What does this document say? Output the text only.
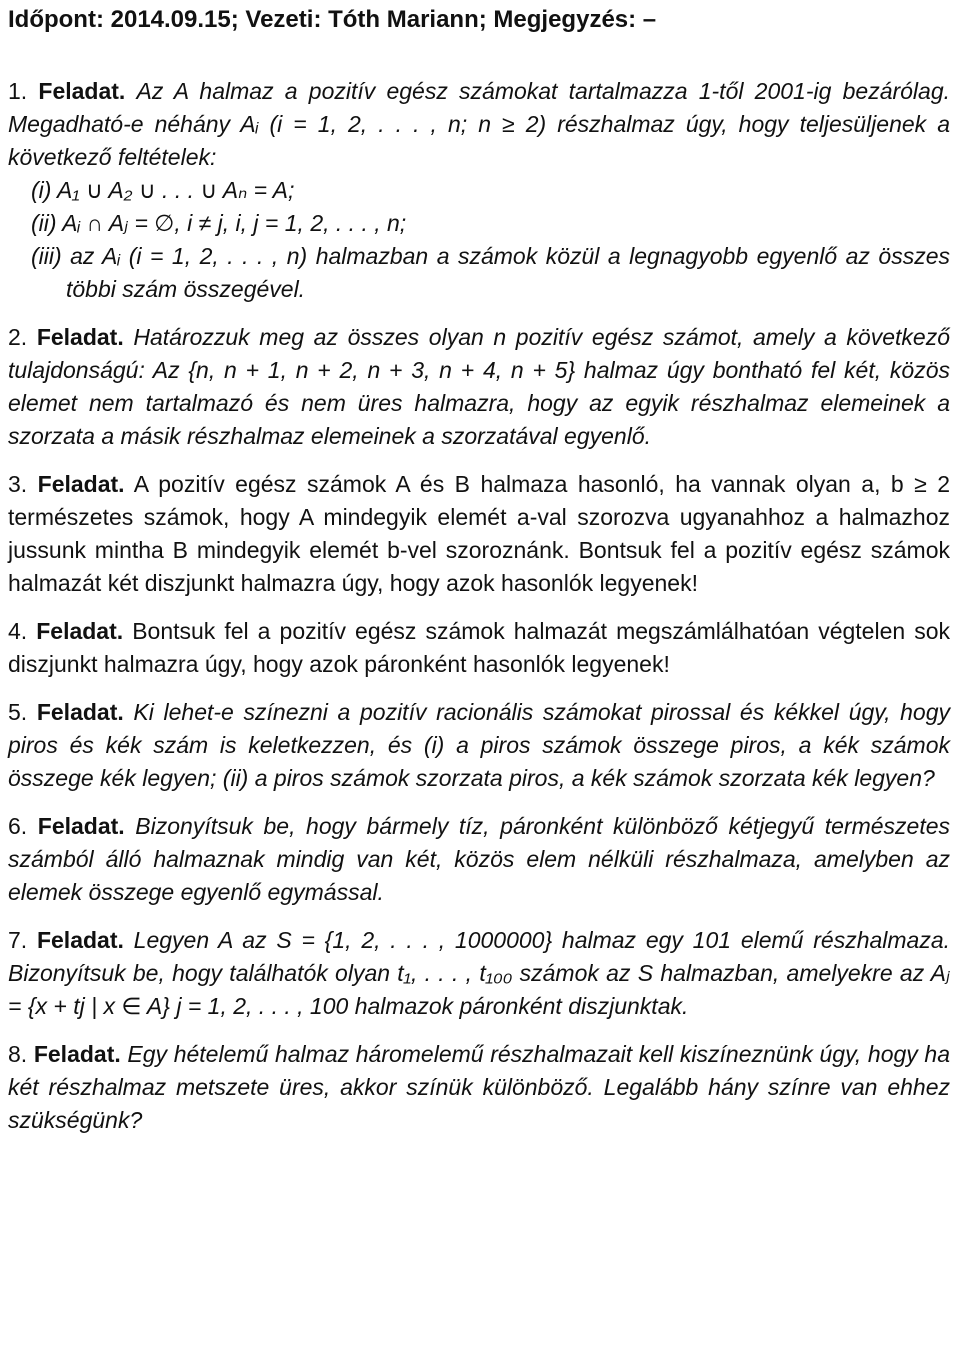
Időpont: 2014.09.15; Vezeti: Tóth Mariann; Megjegyzés: –
1. Feladat. Az A halmaz a pozitív egész számokat tartalmazza 1-től 2001-ig bezárólag. Megadható-e néhány Aᵢ (i = 1, 2, . . . , n; n ≥ 2) részhalmaz úgy, hogy teljesüljenek a következő feltételek:
(i) A₁ ∪ A₂ ∪ . . . ∪ Aₙ = A;
(ii) Aᵢ ∩ Aⱼ = ∅, i ≠ j, i, j = 1, 2, . . . , n;
(iii) az Aᵢ (i = 1, 2, . . . , n) halmazban a számok közül a legnagyobb egyenlő az összes többi szám összegével.
2. Feladat. Határozzuk meg az összes olyan n pozitív egész számot, amely a következő tulajdonságú: Az {n, n + 1, n + 2, n + 3, n + 4, n + 5} halmaz úgy bontható fel két, közös elemet nem tartalmazó és nem üres halmazra, hogy az egyik részhalmaz elemeinek a szorzata a másik részhalmaz elemeinek a szorzatával egyenlő.
3. Feladat. A pozitív egész számok A és B halmaza hasonló, ha vannak olyan a, b ≥ 2 természetes számok, hogy A mindegyik elemét a-val szorozva ugyanahhoz a halmazhoz jussunk mintha B mindegyik elemét b-vel szoroznánk. Bontsuk fel a pozitív egész számok halmazát két diszjunkt halmazra úgy, hogy azok hasonlók legyenek!
4. Feladat. Bontsuk fel a pozitív egész számok halmazát megszámlálhatóan végtelen sok diszjunkt halmazra úgy, hogy azok páronként hasonlók legyenek!
5. Feladat. Ki lehet-e színezni a pozitív racionális számokat pirossal és kékkel úgy, hogy piros és kék szám is keletkezzen, és (i) a piros számok összege piros, a kék számok összege kék legyen; (ii) a piros számok szorzata piros, a kék számok szorzata kék legyen?
6. Feladat. Bizonyítsuk be, hogy bármely tíz, páronként különböző kétjegyű természetes számból álló halmaznak mindig van két, közös elem nélküli részhalmaza, amelyben az elemek összege egyenlő egymással.
7. Feladat. Legyen A az S = {1, 2, . . . , 1000000} halmaz egy 101 elemű részhalmaza. Bizonyítsuk be, hogy találhatók olyan t₁, . . . , t₁₀₀ számok az S halmazban, amelyekre az Aⱼ = {x + tj | x ∈ A} j = 1, 2, . . . , 100 halmazok páronként diszjunktak.
8. Feladat. Egy hételemű halmaz háromelemű részhalmazait kell kiszíneznünk úgy, hogy ha két részhalmaz metszete üres, akkor színük különböző. Legalább hány színre van ehhez szükségünk?
